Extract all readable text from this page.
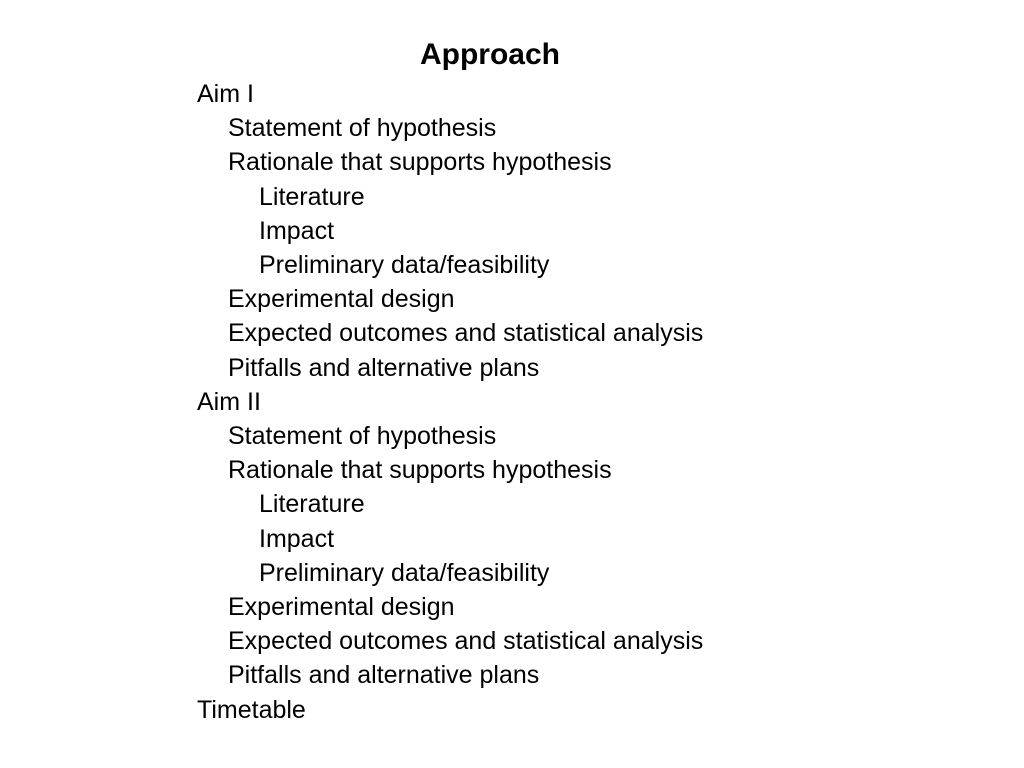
Approach
Aim I
Statement of hypothesis
Rationale that supports hypothesis
Literature
Impact
Preliminary data/feasibility
Experimental design
Expected outcomes and statistical analysis
Pitfalls and alternative plans
Aim II
Statement of hypothesis
Rationale that supports hypothesis
Literature
Impact
Preliminary data/feasibility
Experimental design
Expected outcomes and statistical analysis
Pitfalls and alternative plans
Timetable
